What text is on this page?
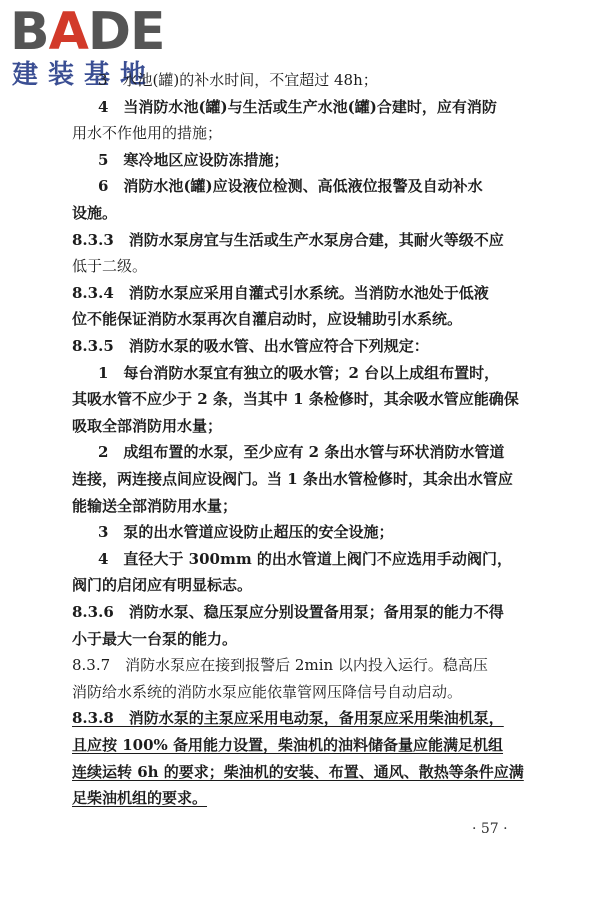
BADE
建装基地
3　水池(罐)的补水时间，不宜超过 48h；
4　当消防水池(罐)与生活或生产水池(罐)合建时，应有消防
用水不作他用的措施；
5　寒冷地区应设防冻措施；
6　消防水池(罐)应设液位检测、高低液位报警及自动补水
设施。
8.3.3　消防水泵房宜与生活或生产水泵房合建，其耐火等级不应
低于二级。
8.3.4　消防水泵应采用自灌式引水系统。当消防水池处于低液
位不能保证消防水泵再次自灌启动时，应设辅助引水系统。
8.3.5　消防水泵的吸水管、出水管应符合下列规定：
1　每台消防水泵宜有独立的吸水管；2 台以上成组布置时，
其吸水管不应少于 2 条，当其中 1 条检修时，其余吸水管应能确保
吸取全部消防用水量；
2　成组布置的水泵，至少应有 2 条出水管与环状消防水管道
连接，两连接点间应设阀门。当 1 条出水管检修时，其余出水管应
能输送全部消防用水量；
3　泵的出水管道应设防止超压的安全设施；
4　直径大于 300mm 的出水管道上阀门不应选用手动阀门，
阀门的启闭应有明显标志。
8.3.6　消防水泵、稳压泵应分别设置备用泵；备用泵的能力不得
小于最大一台泵的能力。
8.3.7　消防水泵应在接到报警后 2min 以内投入运行。稳高压
消防给水系统的消防水泵应能依靠管网压降信号自动启动。
8.3.8　消防水泵的主泵应采用电动泵，备用泵应采用柴油机泵，
且应按 100% 备用能力设置，柴油机的油料储备量应能满足机组
连续运转 6h 的要求；柴油机的安装、布置、通风、散热等条件应满
足柴油机组的要求。
· 57 ·
